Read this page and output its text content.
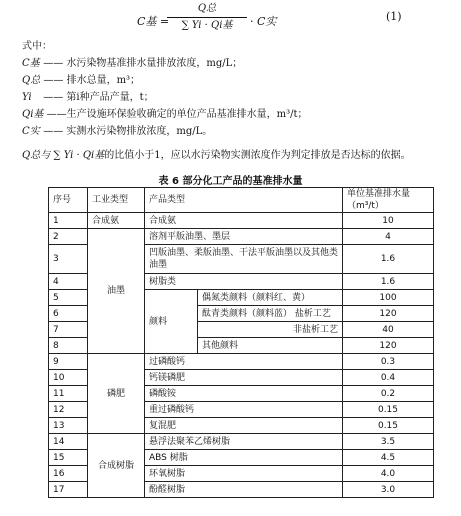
C基 =
Q总
∑ Yi · Qi基	· C实	(1)
式中：
C基 —— 水污染物基准排水量排放浓度，mg/L；
Q总 —— 排水总量，m³；
Yi —— 第i种产品产量，t；
Qi基 ——生产设施环保验收确定的单位产品基准排水量，m³/t；
C实 —— 实测水污染物排放浓度，mg/L。
Q总与 ∑ Yi · Qi基的比值小于1，应以水污染物实测浓度作为判定排放是否达标的依据。
表 6 部分化工产品的基准排水量
序号	工业类型	产品类型		单位基准排水量（m³/t）
1	合成氨	合成氨		10
2	油墨	溶剂平版油墨、墨层		4
3		凹版油墨、柔版油墨、干法平版油墨以及其他类油墨		1.6
4		树脂类		1.6
5		颜料	偶氮类颜料（颜料红、黄）	100
6			酞青类颜料（颜料蓝） 盐析工艺	120
7			非盐析工艺	40
8			其他颜料	120
9	磷肥	过磷酸钙		0.3
10		钙镁磷肥		0.4
11		磷酸铵		0.2
12		重过磷酸钙		0.15
13		复混肥		0.15
14	合成树脂	悬浮法聚苯乙烯树脂		3.5
15		ABS 树脂		4.5
16		环氧树脂		4.0
17		酚醛树脂		3.0
